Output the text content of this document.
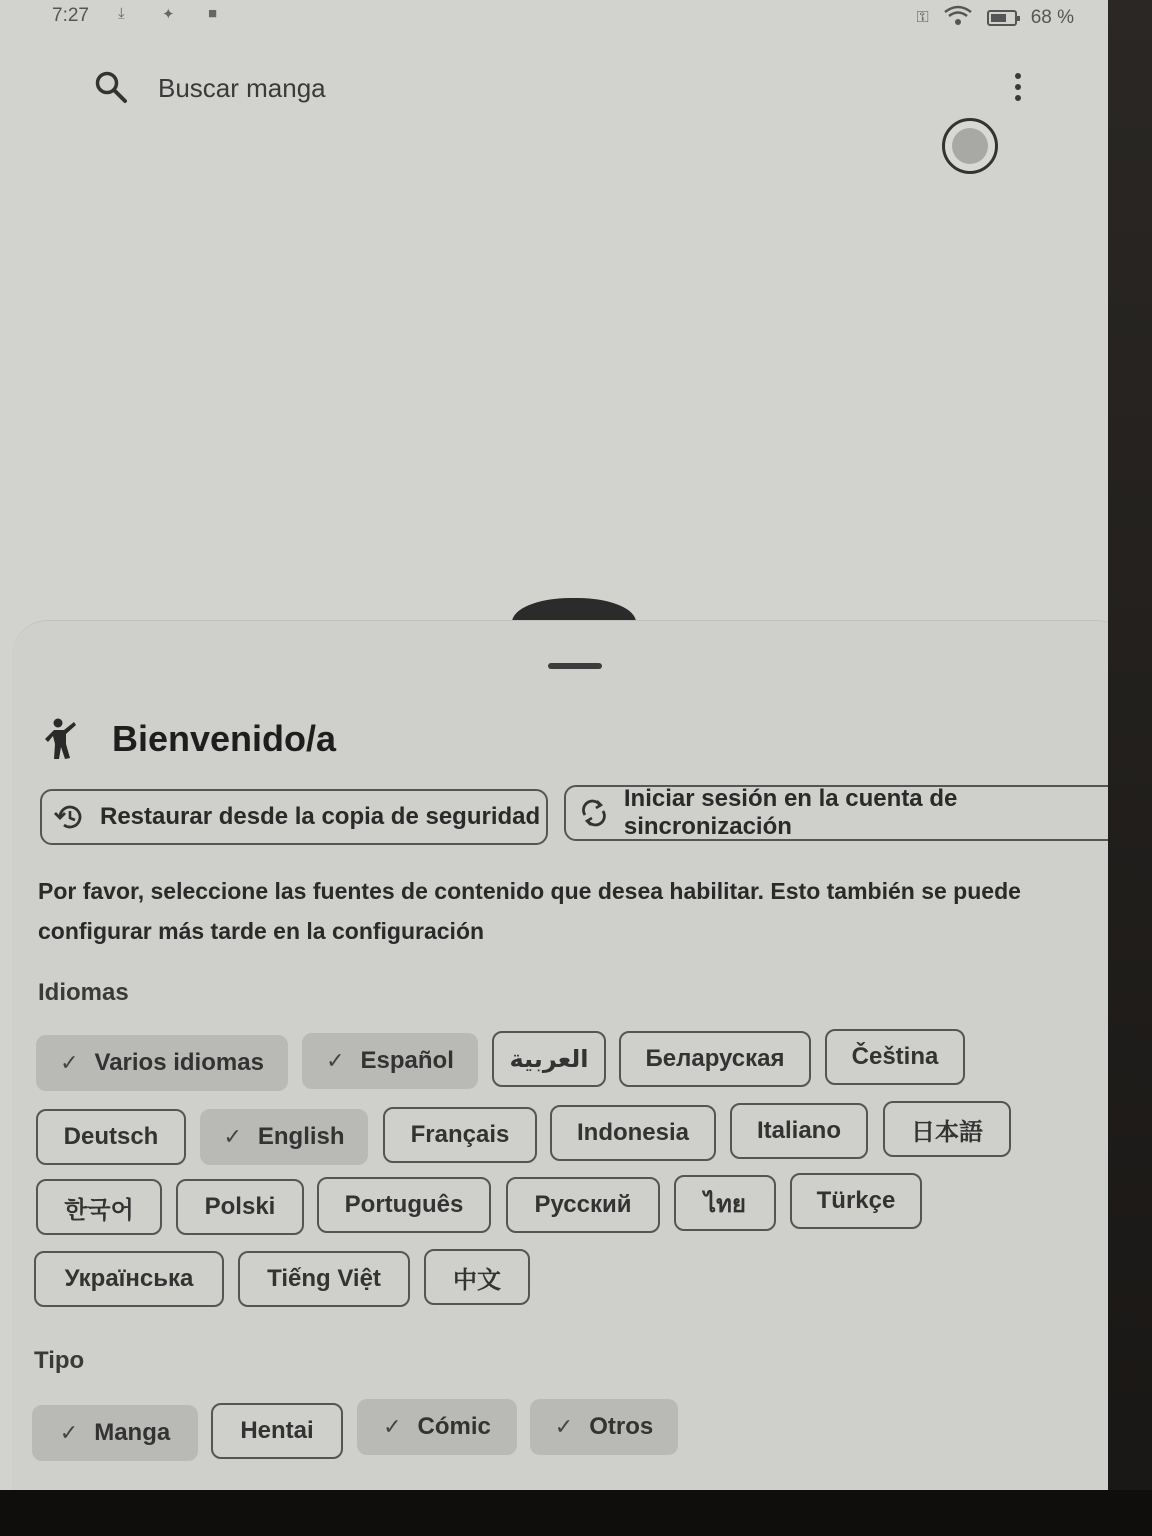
7:27 ⤓ ✦ ■	⚿	68 %
Buscar manga
Bienvenido/a
Restaurar desde la copia de seguridad
Iniciar sesión en la cuenta de sincronización

Por favor, seleccione las fuentes de contenido que desea habilitar. Esto también se puede configurar más tarde en la configuración

Idiomas
✓ Varios idiomas	✓ Español العربية Беларуская	Čeština
Deutsch	✓ English	Français	Indonesia	Italiano	日本語
한국어	Polski	Português	Русский	ไทย	Türkçe
Українська	Tiếng Việt	中文
Tipo
✓ Manga	Hentai	✓ Cómic	✓ Otros
